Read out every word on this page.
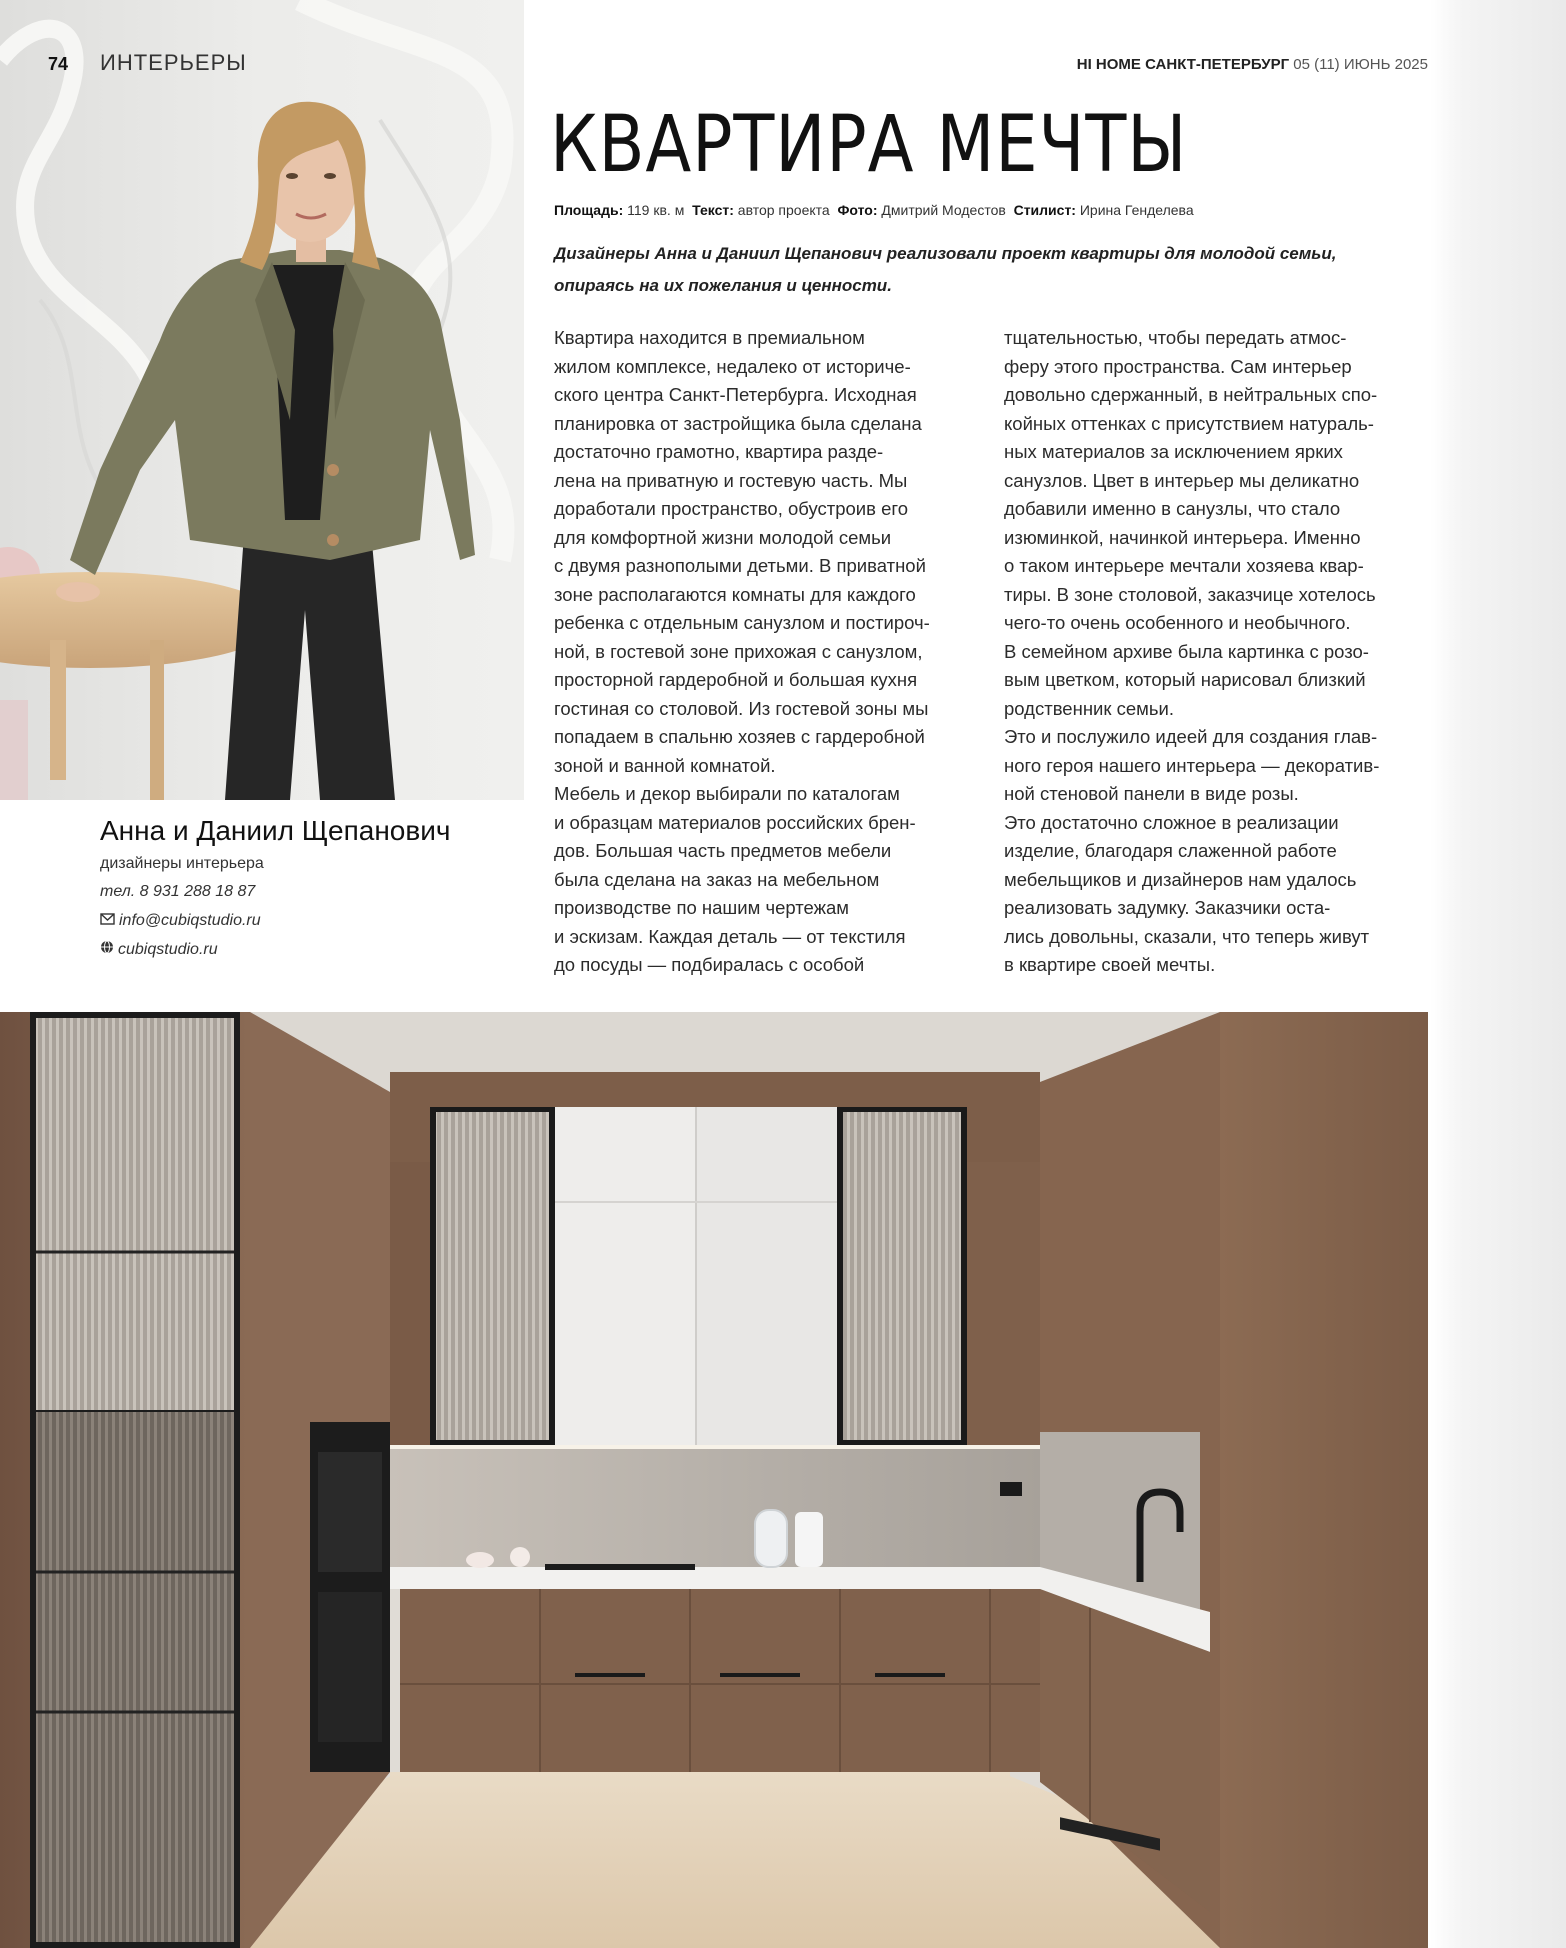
74 ИНТЕРЬЕРЫ	HI HOME САНКТ-ПЕТЕРБУРГ 05 (11) ИЮНЬ 2025
КВАРТИРА МЕЧТЫ
Площадь: 119 кв. м Текст: автор проекта Фото: Дмитрий Модестов Стилист: Ирина Генделева
Дизайнеры Анна и Даниил Щепанович реализовали проект квартиры для молодой семьи,
опираясь на их пожелания и ценности.

Квартира находится в премиальном

жилом комплексе, недалеко от историче-

ского центра Санкт-Петербурга. Исходная

планировка от застройщика была сделана

достаточно грамотно, квартира разде-

лена на приватную и гостевую часть. Мы

доработали пространство, обустроив его

для комфортной жизни молодой семьи

с двумя разнополыми детьми. В приватной

зоне располагаются комнаты для каждого

ребенка с отдельным санузлом и постироч-

ной, в гостевой зоне прихожая с санузлом,

просторной гардеробной и большая кухня

гостиная со столовой. Из гостевой зоны мы

попадаем в спальню хозяев с гардеробной

зоной и ванной комнатой.

Мебель и декор выбирали по каталогам

и образцам материалов российских брен-

дов. Большая часть предметов мебели

была сделана на заказ на мебельном

производстве по нашим чертежам

и эскизам. Каждая деталь — от текстиля

до посуды — подбиралась с особой

тщательностью, чтобы передать атмос-

феру этого пространства. Сам интерьер

довольно сдержанный, в нейтральных спо-

койных оттенках с присутствием натураль-

ных материалов за исключением ярких

санузлов. Цвет в интерьер мы деликатно

добавили именно в санузлы, что стало

изюминкой, начинкой интерьера. Именно

о таком интерьере мечтали хозяева квар-

тиры. В зоне столовой, заказчице хотелось

чего-то очень особенного и необычного.

В семейном архиве была картинка с розо-

вым цветком, который нарисовал близкий

родственник семьи.

Это и послужило идеей для создания глав-

ного героя нашего интерьера — декоратив-

ной стеновой панели в виде розы.

Это достаточно сложное в реализации

изделие, благодаря слаженной работе

мебельщиков и дизайнеров нам удалось

реализовать задумку. Заказчики оста-

лись довольны, сказали, что теперь живут

в квартире своей мечты.

Анна и Даниил Щепанович
дизайнеры интерьера
тел. 8 931 288 18 87
info@cubiqstudio.ru
cubiqstudio.ru
